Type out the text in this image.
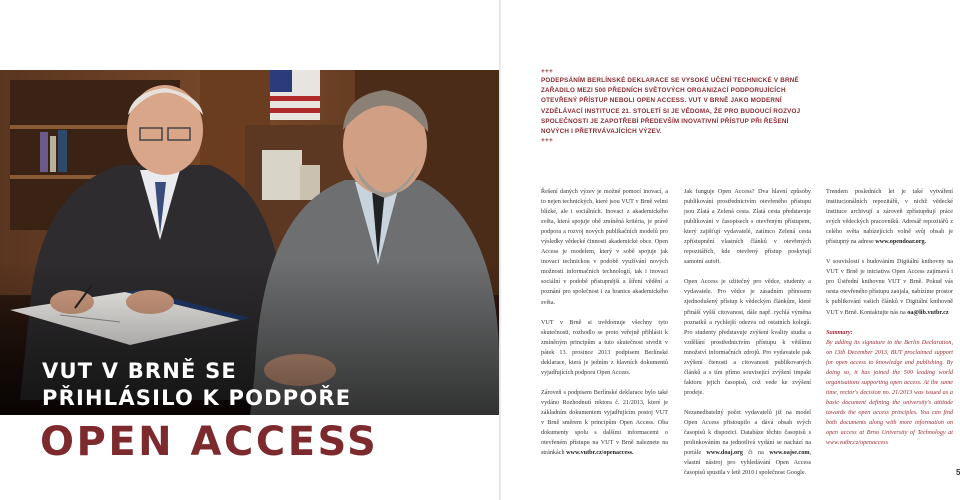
VUT V BRNĚ SE
PŘIHLÁSILO K PODPOŘE
OPEN ACCESS
+++
PODEPSÁNÍM BERLÍNSKÉ DEKLARACE SE VYSOKÉ UČENÍ TECHNICKÉ V BRNĚ ZAŘADILO MEZI 500 PŘEDNÍCH SVĚTOVÝCH ORGANIZACÍ PODPORUJÍCÍCH OTEVŘENÝ PŘÍSTUP NEBOLI OPEN ACCESS. VUT V BRNĚ JAKO MODERNÍ VZDĚLÁVACÍ INSTITUCE 21. STOLETÍ SI JE VĚDOMA, ŽE PRO BUDOUCÍ ROZVOJ SPOLEČNOSTI JE ZAPOTŘEBÍ PŘEDEVŠÍM INOVATIVNÍ PŘÍSTUP PŘI ŘEŠENÍ NOVÝCH I PŘETRVÁVAJÍCÍCH VÝZEV.
+++

Řešení daných výzev je možné pomocí inovací, a to nejen technických, které jsou VUT v Brně velmi blízké, ale i sociálních. Inovaci z akademického světa, která spojuje obě zmíněná kritéria, je právě podpora a rozvoj nových publikačních modelů pro výsledky vědecké činnosti akademické obce. Open Access je modelem, který v sobě spojuje jak inovaci technickou v podobě využívání nových možností informačních technologií, tak i inovaci sociální v podobě přístupnější a šíření vědění a poznání pro společnost i za hranice akademického světa.

VUT v Brně si uvědomuje všechny tyto skutečnosti, rozhodlo se proto veřejně přihlásit k zmíněným principům a tuto skutečnost stvrdit v pátek 13. prosince 2013 podpisem Berlínské deklarace, která je jedním z hlavních dokumentů vyjadřujících podporu Open Access.

Zároveň s podpisem Berlínské deklarace bylo také vydáno Rozhodnutí rektora č. 21/2013, které je základním dokumentem vyjadřujícím postoj VUT v Brně směrem k principům Open Access. Oba dokumenty spolu s dalšími informacemi o otevřeném přístupu na VUT v Brně naleznete na stránkách www.vutbr.cz/openaccess.

Jak funguje Open Access? Dva hlavní způsoby publikování prostřednictvím otevřeného přístupu jsou Zlatá a Zelená cesta. Zlatá cesta představuje publikování v časopisech s otevřeným přístupem, který zajišťují vydavatelé, zatímco Zelená cesta zpřístupnění vlastních článků v otevřených repozitářích, kde otevřený přístup poskytují samotní autoři.

Open Access je užitečný pro vědce, studenty a vydavatele. Pro vědce je zásadním přínosem zjednodušený přístup k vědeckým článkům, které přináší vyšší citovanost, dále např. rychlá výměna poznatků a rychlejší odezva od ostatních kolegů. Pro studenty představuje zvýšení kvality studia a vzdělání prostřednictvím přístupu k většímu množství informačních zdrojů. Pro vydavatele pak zvýšení čtenosti a citovanosti publikovaných článků a s tím přímo související zvýšení impakt faktoru jejich časopisů, což vede ke zvýšení prodeje.

Nezanedbatelný počet vydavatelů již na model Open Access přistoupilo a dává obsah svých časopisů k dispozici. Databáze těchto časopisů s prolinkováním na jednotlivá vydání se nachází na portále www.doaj.org či na www.oajse.com, vlastní nástroj pro vyhledávání Open Access časopisů spustila v letě 2010 i společnost Google.

Trendem posledních let je také vytváření institucionálních repozitářů, v nichž vědecké instituce archivují a zároveň zpřístupňují práce svých vědeckých pracovníků. Adresář repozitářů z celého světa nabízejících volně svůj obsah je přístupný na adrese www.opendoar.org.

V souvislosti s budováním Digitální knihovny na VUT v Brně je iniciativa Open Access zajímavá i pro Ústřední knihovnu VUT v Brně. Pokud vás oesta otevřeného přístupu zaujala, nabízíme prostor k publikování vašich článků v Digitální knihovně VUT v Brně. Kontaktujte nás na oa@lib.vutbr.cz

Summary:
By adding its signature to the Berlin Declaration, on 13th December 2013, BUT proclaimed support for open access to knowledge and publishing. By doing so, it has joined the 500 leading world organisations supporting open access. At the same time, rector's decision no. 21/2013 was issued as a basic document defining the university's attitude towards the open access principles. You can find both documents along with more information on open access at Brno University of Technology at www.vutbr.cz/openaccess

5
